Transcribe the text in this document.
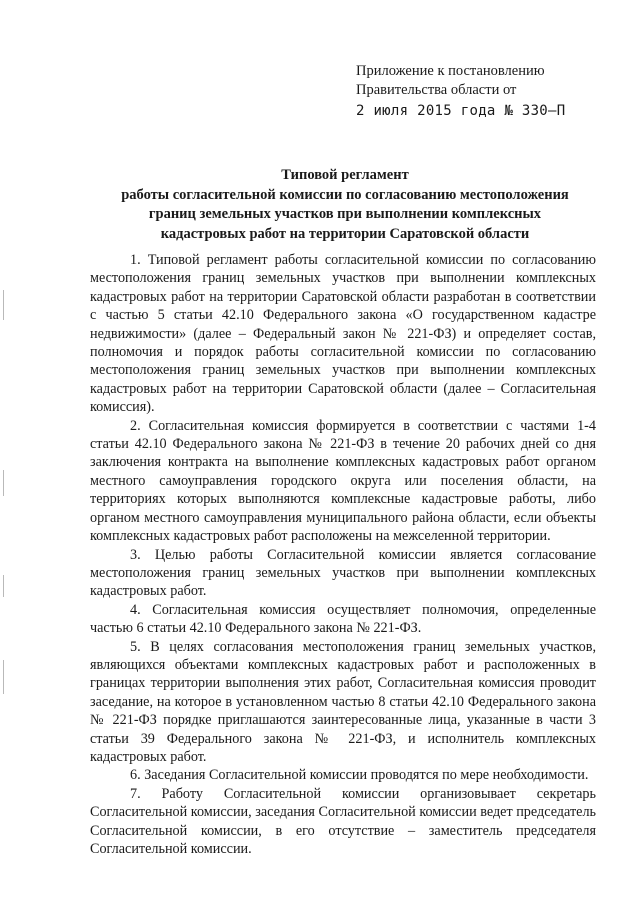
Приложение к постановлению
Правительства области от
2 июля 2015 года № 330–П
Типовой регламент
работы согласительной комиссии по согласованию местоположения
границ земельных участков при выполнении комплексных
кадастровых работ на территории Саратовской области

1. Типовой регламент работы согласительной комиссии по согласованию местоположения границ земельных участков при выполнении комплексных кадастровых работ на территории Саратовской области разработан в соответствии с частью 5 статьи 42.10 Федерального закона «О государственном кадастре недвижимости» (далее – Федеральный закон № 221-ФЗ) и определяет состав, полномочия и порядок работы согласительной комиссии по согласованию местоположения границ земельных участков при выполнении комплексных кадастровых работ на территории Саратовской области (далее – Согласительная комиссия).

2. Согласительная комиссия формируется в соответствии с частями 1-4 статьи 42.10 Федерального закона № 221-ФЗ в течение 20 рабочих дней со дня заключения контракта на выполнение комплексных кадастровых работ органом местного самоуправления городского округа или поселения области, на территориях которых выполняются комплексные кадастровые работы, либо органом местного самоуправления муниципального района области, если объекты комплексных кадастровых работ расположены на межселенной территории.

3. Целью работы Согласительной комиссии является согласование местоположения границ земельных участков при выполнении комплексных кадастровых работ.

4. Согласительная комиссия осуществляет полномочия, определенные частью 6 статьи 42.10 Федерального закона № 221-ФЗ.

5. В целях согласования местоположения границ земельных участков, являющихся объектами комплексных кадастровых работ и расположенных в границах территории выполнения этих работ, Согласительная комиссия проводит заседание, на которое в установленном частью 8 статьи 42.10 Федерального закона № 221-ФЗ порядке приглашаются заинтересованные лица, указанные в части 3 статьи 39 Федерального закона № 221-ФЗ, и исполнитель комплексных кадастровых работ.

6. Заседания Согласительной комиссии проводятся по мере необходимости.

7. Работу Согласительной комиссии организовывает секретарь Согласительной комиссии, заседания Согласительной комиссии ведет председатель Согласительной комиссии, в его отсутствие – заместитель председателя Согласительной комиссии.
